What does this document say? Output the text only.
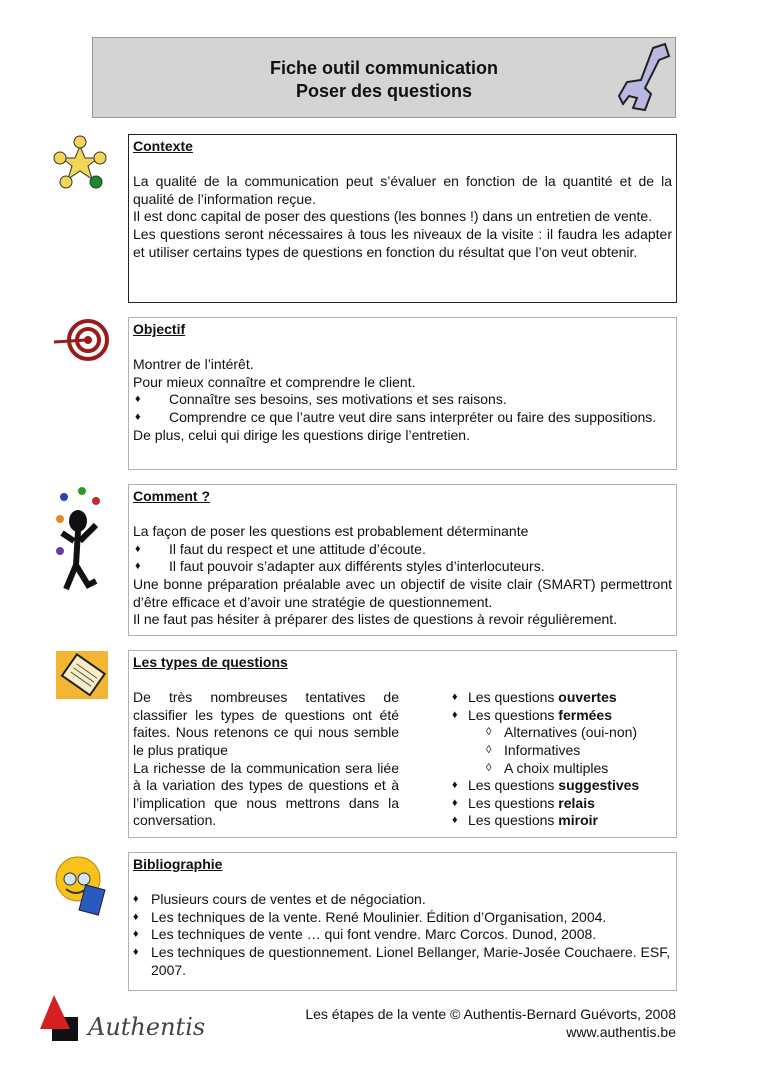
Fiche outil communication
Poser des questions
Contexte
La qualité de la communication peut s’évaluer en fonction de la quantité et de la qualité de l’information reçue.
Il est donc capital de poser des questions (les bonnes !) dans un entretien de vente.
Les questions seront nécessaires à tous les niveaux de la visite : il faudra les adapter et utiliser certains types de questions en fonction du résultat que l’on veut obtenir.
Objectif
Montrer de l’intérêt.
Pour mieux connaître et comprendre le client.
♦ Connaître ses besoins, ses motivations et ses raisons.
♦ Comprendre ce que l’autre veut dire sans interpréter ou faire des suppositions.
De plus, celui qui dirige les questions dirige l’entretien.
Comment ?
La façon de poser les questions est probablement déterminante
♦ Il faut du respect et une attitude d’écoute.
♦ Il faut pouvoir s’adapter aux différents styles d’interlocuteurs.
Une bonne préparation préalable avec un objectif de visite clair (SMART) permettront d’être efficace et d’avoir une stratégie de questionnement.
Il ne faut pas hésiter à préparer des listes de questions à revoir régulièrement.
Les types de questions
De très nombreuses tentatives de classifier les types de questions ont été faites. Nous retenons ce qui nous semble le plus pratique
La richesse de la communication sera liée à la variation des types de questions et à l’implication que nous mettrons dans la conversation.
♦ Les questions ouvertes
♦ Les questions fermées
◊ Alternatives (oui-non)
◊ Informatives
◊ A choix multiples
♦ Les questions suggestives
♦ Les questions relais
♦ Les questions miroir
Bibliographie
♦ Plusieurs cours de ventes et de négociation.
♦ Les techniques de la vente. René Moulinier. Édition d’Organisation, 2004.
♦ Les techniques de vente … qui font vendre. Marc Corcos. Dunod, 2008.
♦ Les techniques de questionnement. Lionel Bellanger, Marie-Josée Couchaere. ESF, 2007.
Authentis	Les étapes de la vente © Authentis-Bernard Guévorts, 2008
www.authentis.be
